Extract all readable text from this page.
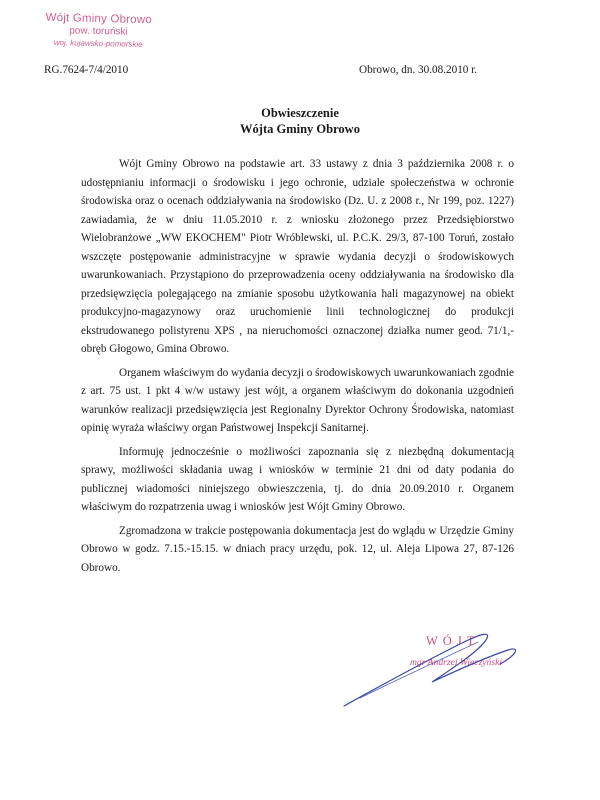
Wójt Gminy Obrowo
pow. toruński
woj. kujawsko-pomorskie
RG.7624-7/4/2010	Obrowo, dn. 30.08.2010 r.
Obwieszczenie
Wójta Gminy Obrowo

Wójt Gminy Obrowo na podstawie art. 33 ustawy z dnia 3 października 2008 r. o udostępnianiu informacji o środowisku i jego ochronie, udziale społeczeństwa w ochronie środowiska oraz o ocenach oddziaływania na środowisko (Dz. U. z 2008 r., Nr 199, poz. 1227) zawiadamia, że w dniu 11.05.2010 r. z wniosku złożonego przez Przedsiębiorstwo Wielobranżowe „WW EKOCHEM" Piotr Wróblewski, ul. P.C.K. 29/3, 87-100 Toruń, zostało wszczęte postępowanie administracyjne w sprawie wydania decyzji o środowiskowych uwarunkowaniach. Przystąpiono do przeprowadzenia oceny oddziaływania na środowisko dla przedsięwzięcia polegającego na zmianie sposobu użytkowania hali magazynowej na obiekt produkcyjno-magazynowy oraz uruchomienie linii technologicznej do produkcji ekstrudowanego polistyrenu XPS , na nieruchomości oznaczonej działka numer geod. 71/1,- obręb Głogowo, Gmina Obrowo.

Organem właściwym do wydania decyzji o środowiskowych uwarunkowaniach zgodnie z art. 75 ust. 1 pkt 4 w/w ustawy jest wójt, a organem właściwym do dokonania uzgodnień warunków realizacji przedsięwzięcia jest Regionalny Dyrektor Ochrony Środowiska, natomiast opinię wyraża właściwy organ Państwowej Inspekcji Sanitarnej.

Informuję jednocześnie o możliwości zapoznania się z niezbędną dokumentacją sprawy, możliwości składania uwag i wniosków w terminie 21 dni od daty podania do publicznej wiadomości niniejszego obwieszczenia, tj. do dnia 20.09.2010 r. Organem właściwym do rozpatrzenia uwag i wniosków jest Wójt Gminy Obrowo.

Zgromadzona w trakcie postępowania dokumentacja jest do wglądu w Urzędzie Gminy Obrowo w godz. 7.15.-15.15. w dniach pracy urzędu, pok. 12, ul. Aleja Lipowa 27, 87-126 Obrowo.

WÓJT
mgr Andrzej Wieczyński
